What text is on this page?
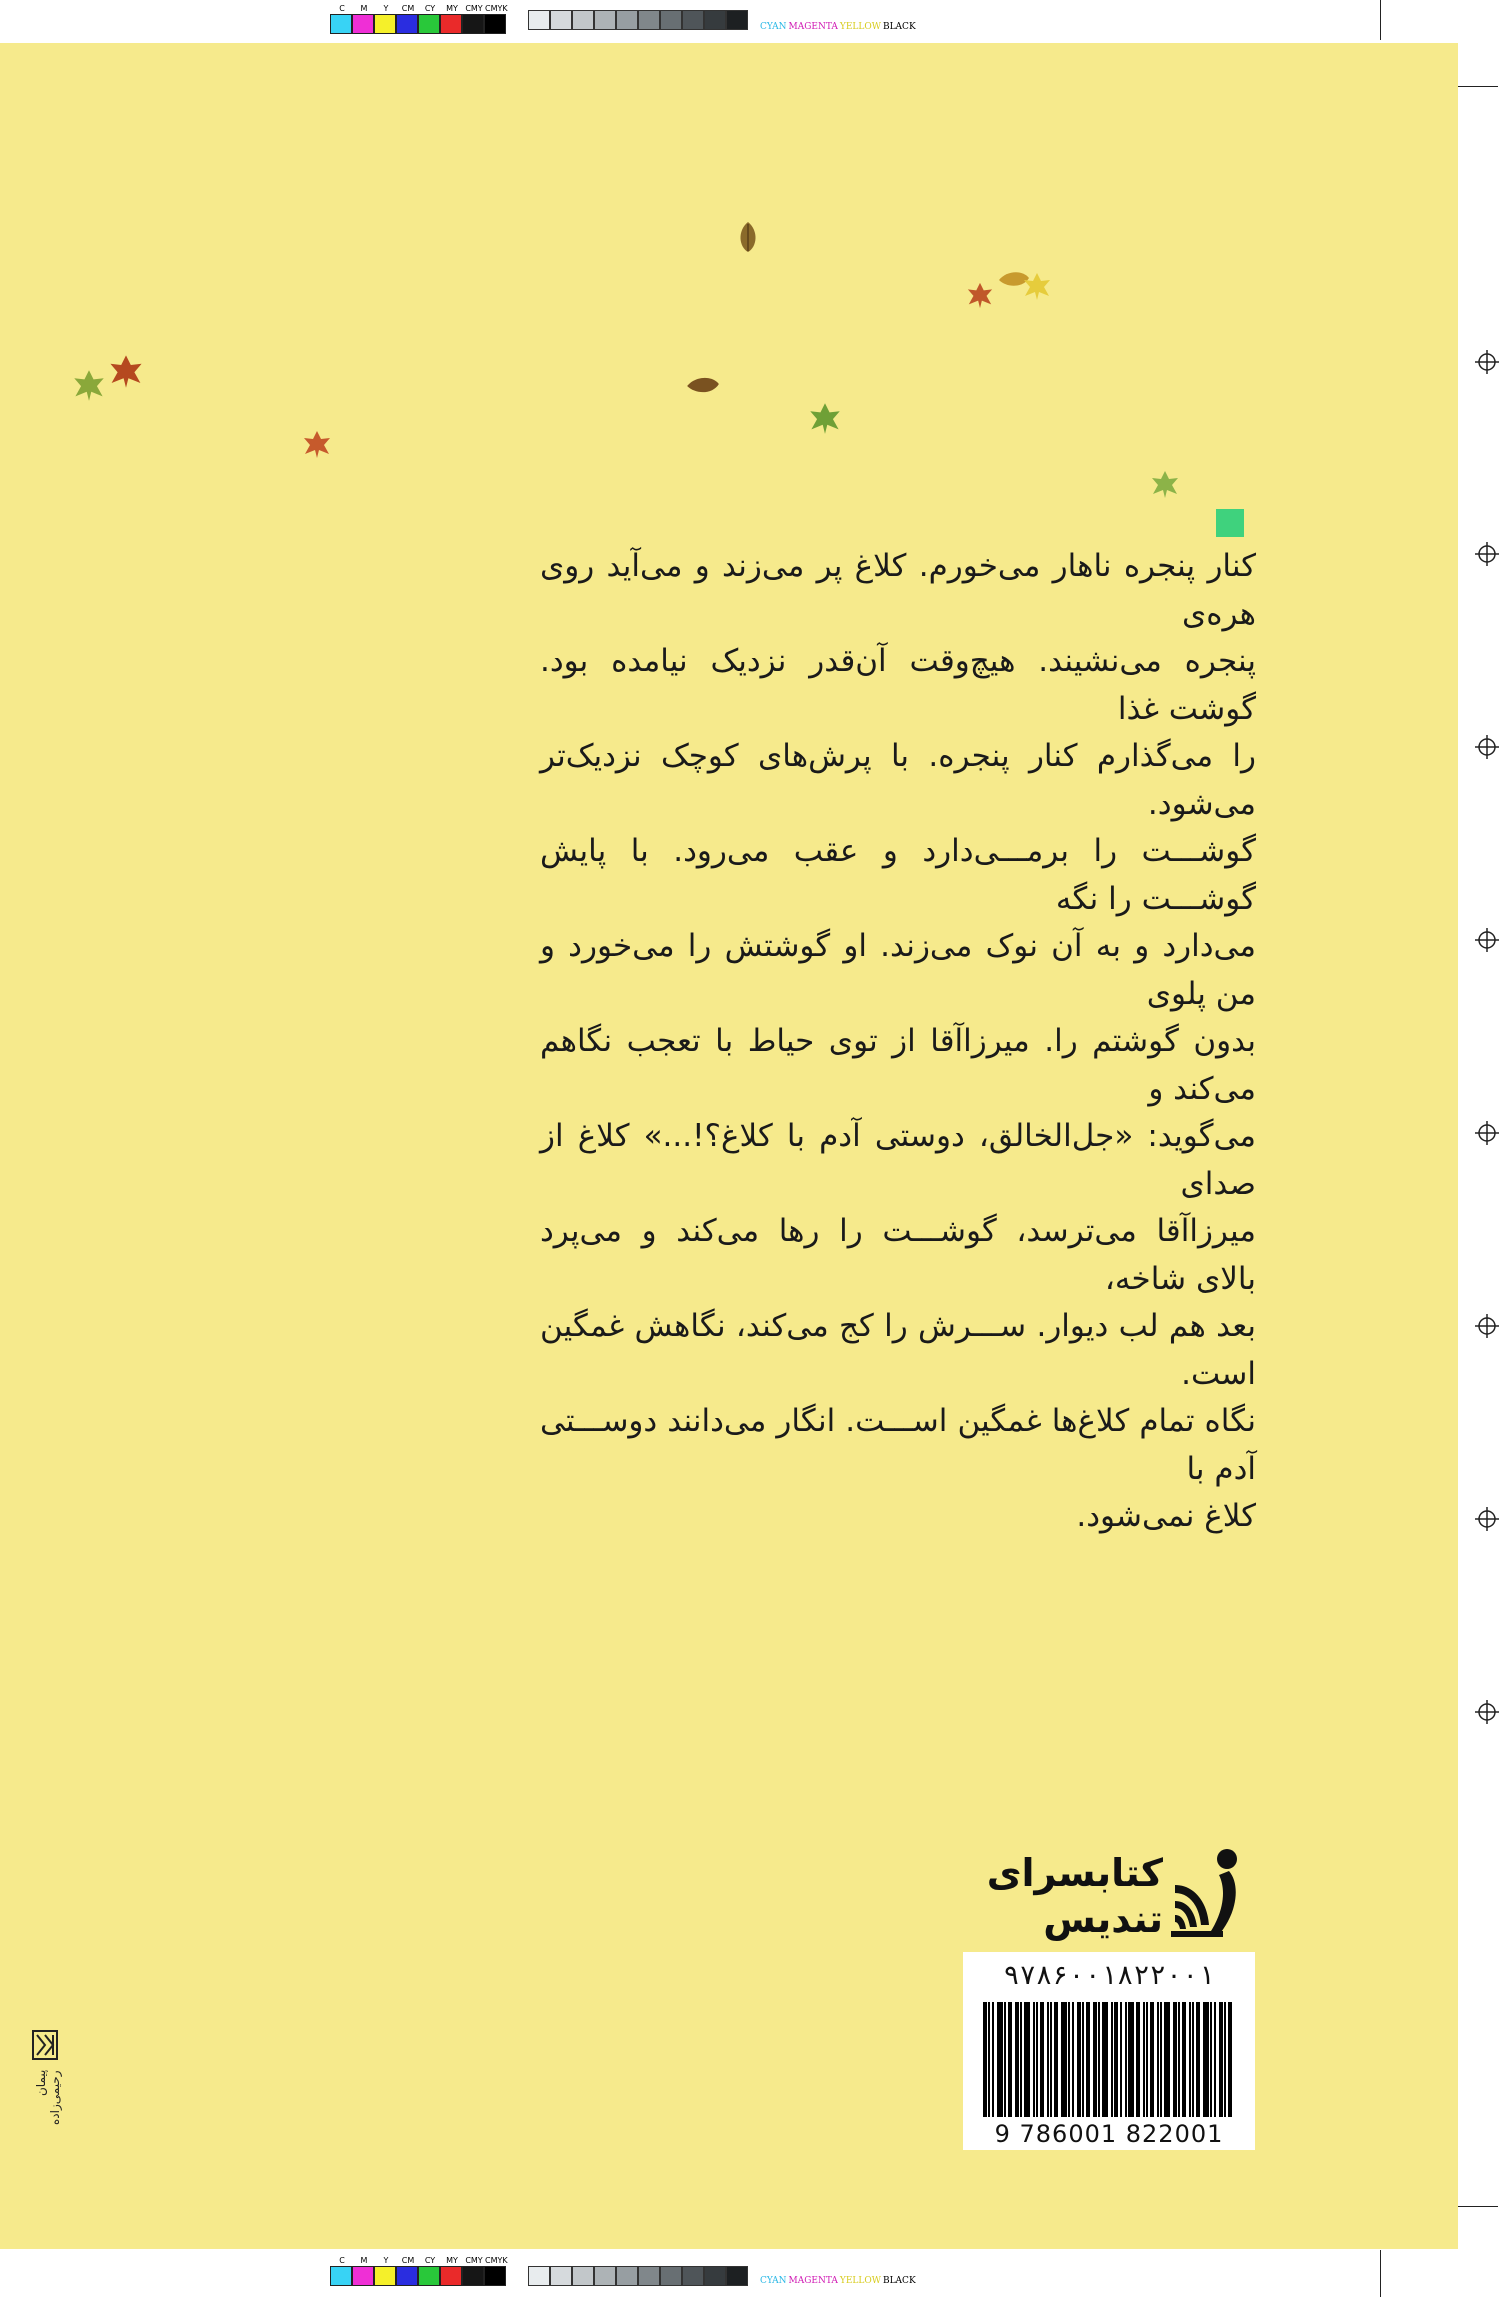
C	M	Y	CM	CY	MY CMY CMYK
CYAN MAGENTA YELLOW BLACK
کنار پنجره ناهار می‌خورم. کلاغ پر می‌زند و می‌آید روی هره‌ی
پنجره می‌نشیند. هیچ‌وقت آن‌قدر نزدیک نیامده بود. گوشت غذا
را می‌گذارم کنار پنجره. با پرش‌های کوچک نزدیک‌تر می‌شود.
گوشـــت را برمـــی‌دارد و عقب می‌رود. با پایش گوشـــت را نگه
می‌دارد و به آن نوک می‌زند. او گوشتش را می‌خورد و من پلوی
بدون گوشتم را. میرزاآقا از توی حیاط با تعجب نگاهم می‌کند و
می‌گوید: «جل‌الخالق، دوستی آدم با کلاغ؟!...» کلاغ از صدای
میرزاآقا می‌ترسد، گوشـــت را رها می‌کند و می‌پرد بالای شاخه،
بعد هم لب دیوار. ســـرش را کج می‌کند، نگاهش غمگین است.
نگاه تمام کلاغ‌ها غمگین اســـت. انگار می‌دانند دوســـتی آدم با
کلاغ نمی‌شود.
کتابسرای
تندیس
۹۷۸۶۰۰۱۸۲۲۰۰۱
9 786001 822001
پیمان رحیمی‌زاده
C	M	Y	CM	CY	MY CMY CMYK
CYAN MAGENTA YELLOW BLACK
